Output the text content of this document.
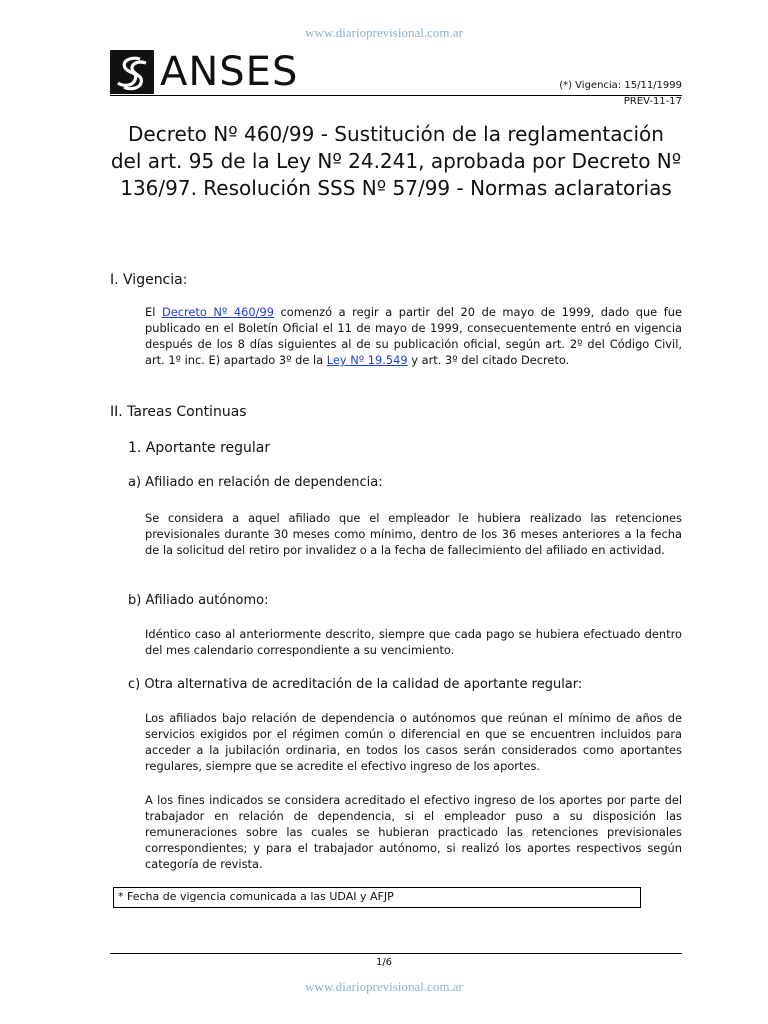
www.diarioprevisional.com.ar
ANSES	(*) Vigencia: 15/11/1999
PREV-11-17
Decreto Nº 460/99 - Sustitución de la reglamentación del art. 95 de la Ley Nº 24.241, aprobada por Decreto Nº 136/97. Resolución SSS Nº 57/99 - Normas aclaratorias
I. Vigencia:
El Decreto Nº 460/99 comenzó a regir a partir del 20 de mayo de 1999, dado que fue publicado en el Boletín Oficial el 11 de mayo de 1999, consecuentemente entró en vigencia después de los 8 días siguientes al de su publicación oficial, según art. 2º del Código Civil, art. 1º inc. E) apartado 3º de la Ley Nº 19.549 y art. 3º del citado Decreto.
II. Tareas Continuas
1. Aportante regular
a) Afiliado en relación de dependencia:
Se considera a aquel afiliado que el empleador le hubiera realizado las retenciones previsionales durante 30 meses como mínimo, dentro de los 36 meses anteriores a la fecha de la solicitud del retiro por invalidez o a la fecha de fallecimiento del afiliado en actividad.
b) Afiliado autónomo:
Idéntico caso al anteriormente descrito, siempre que cada pago se hubiera efectuado dentro del mes calendario correspondiente a su vencimiento.
c) Otra alternativa de acreditación de la calidad de aportante regular:
Los afiliados bajo relación de dependencia o autónomos que reúnan el mínimo de años de servicios exigidos por el régimen común o diferencial en que se encuentren incluidos para acceder a la jubilación ordinaria, en todos los casos serán considerados como aportantes regulares, siempre que se acredite el efectivo ingreso de los aportes.
A los fines indicados se considera acreditado el efectivo ingreso de los aportes por parte del trabajador en relación de dependencia, si el empleador puso a su disposición las remuneraciones sobre las cuales se hubieran practicado las retenciones previsionales correspondientes; y para el trabajador autónomo, si realizó los aportes respectivos según categoría de revista.
* Fecha de vigencia comunicada a las UDAI y AFJP
1/6
www.diarioprevisional.com.ar
